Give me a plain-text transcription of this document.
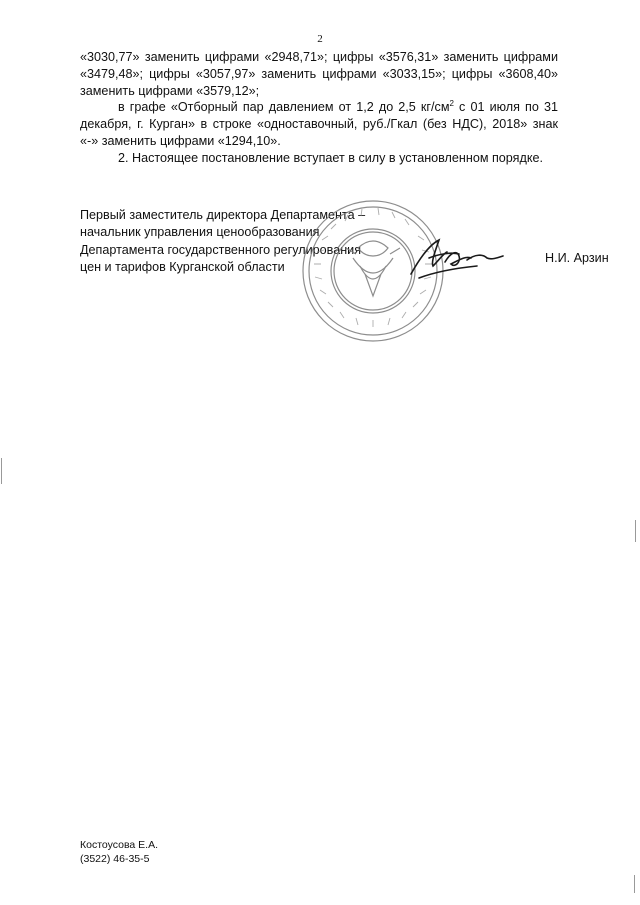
2

«3030,77» заменить цифрами «2948,71»; цифры «3576,31» заменить цифрами «3479,48»; цифры «3057,97» заменить цифрами «3033,15»; цифры «3608,40» заменить цифрами «3579,12»;

в графе «Отборный пар давлением от 1,2 до 2,5 $кг/см^2$ с 01 июля по 31 декабря, г. Курган» в строке «одноставочный, руб./Гкал (без НДС), 2018» знак «-» заменить цифрами «1294,10».

2. Настоящее постановление вступает в силу в установленном порядке.

Первый заместитель директора Департамента –
начальник управления ценообразования
Департамента государственного регулирования
цен и тарифов Курганской области
Н.И. Арзин
Костоусова Е.А.
(3522) 46-35-5
